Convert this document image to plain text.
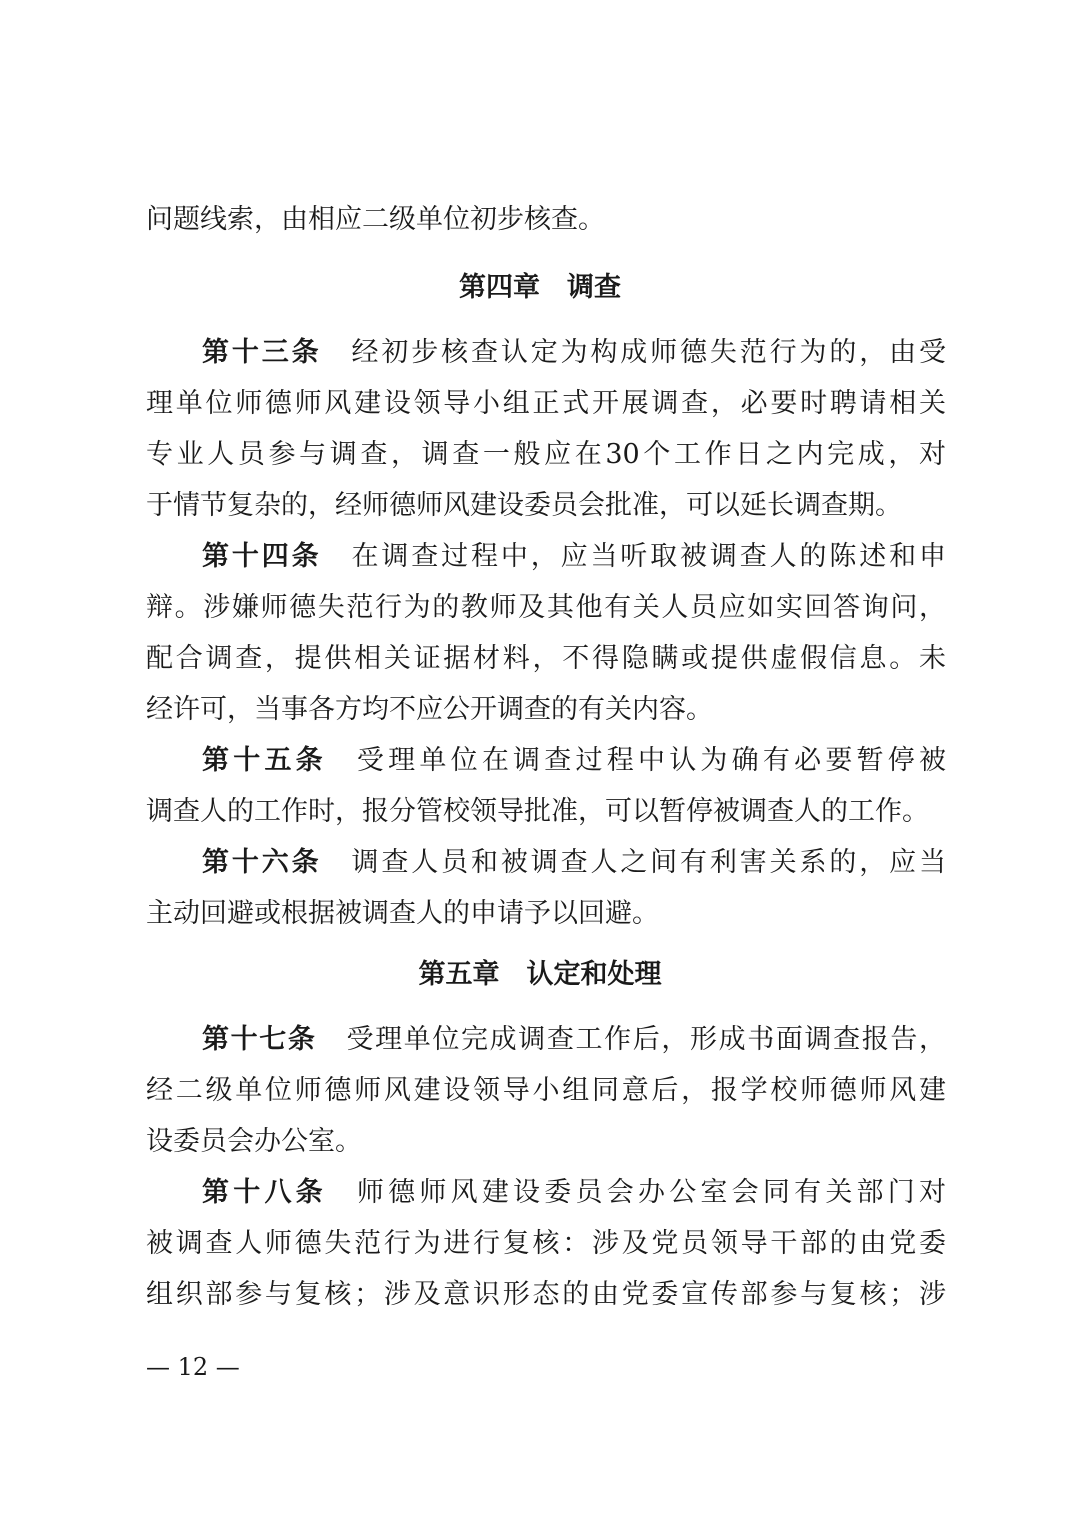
问题线索，由相应二级单位初步核查。
第四章　调查
第十三条 经初步核查认定为构成师德失范行为的，由受
理单位师德师风建设领导小组正式开展调查，必要时聘请相关
专业人员参与调查，调查一般应在30个工作日之内完成，对
于情节复杂的，经师德师风建设委员会批准，可以延长调查期。
第十四条 在调查过程中，应当听取被调查人的陈述和申
辩。涉嫌师德失范行为的教师及其他有关人员应如实回答询问，
配合调查，提供相关证据材料，不得隐瞒或提供虚假信息。未
经许可，当事各方均不应公开调查的有关内容。
第十五条 受理单位在调查过程中认为确有必要暂停被
调查人的工作时，报分管校领导批准，可以暂停被调查人的工作。
第十六条 调查人员和被调查人之间有利害关系的，应当
主动回避或根据被调查人的申请予以回避。
第五章　认定和处理
第十七条 受理单位完成调查工作后，形成书面调查报告，
经二级单位师德师风建设领导小组同意后，报学校师德师风建
设委员会办公室。
第十八条 师德师风建设委员会办公室会同有关部门对
被调查人师德失范行为进行复核：涉及党员领导干部的由党委
组织部参与复核；涉及意识形态的由党委宣传部参与复核；涉
— 12 —
